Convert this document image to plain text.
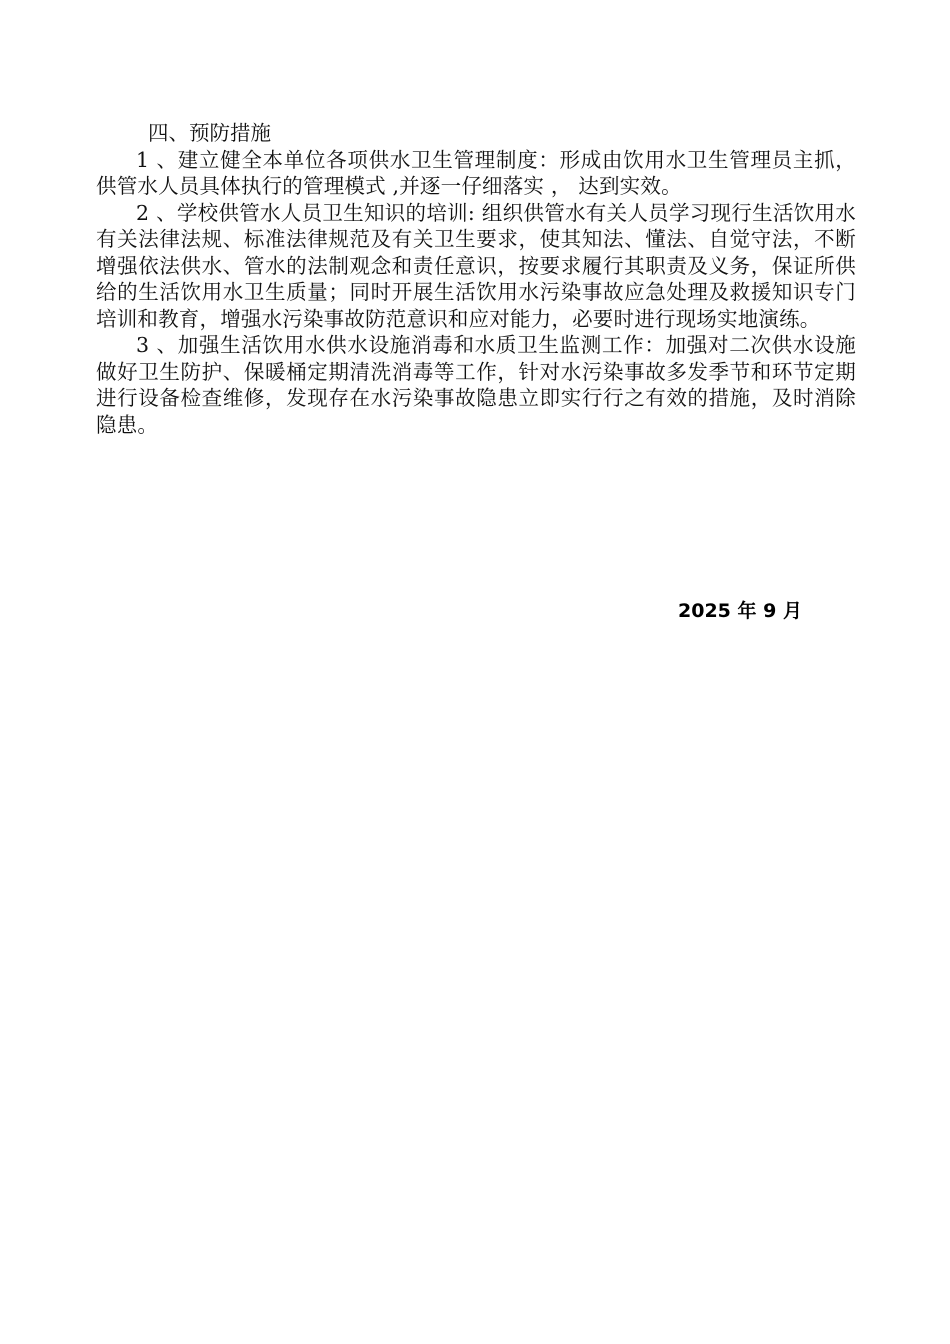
四、预防措施

1 、建立健全本单位各项供水卫生管理制度：形成由饮用水卫生管理员主抓，供管水人员具体执行的管理模式 ,并逐一仔细落实 ， 达到实效。

2 、学校供管水人员卫生知识的培训: 组织供管水有关人员学习现行生活饮用水有关法律法规、标准法律规范及有关卫生要求，使其知法、懂法、自觉守法，不断增强依法供水、管水的法制观念和责任意识，按要求履行其职责及义务，保证所供给的生活饮用水卫生质量；同时开展生活饮用水污染事故应急处理及救援知识专门培训和教育，增强水污染事故防范意识和应对能力，必要时进行现场实地演练。

3 、加强生活饮用水供水设施消毒和水质卫生监测工作：加强对二次供水设施做好卫生防护、保暖桶定期清洗消毒等工作，针对水污染事故多发季节和环节定期进行设备检查维修，发现存在水污染事故隐患立即实行行之有效的措施，及时消除隐患。

2025 年 9 月
